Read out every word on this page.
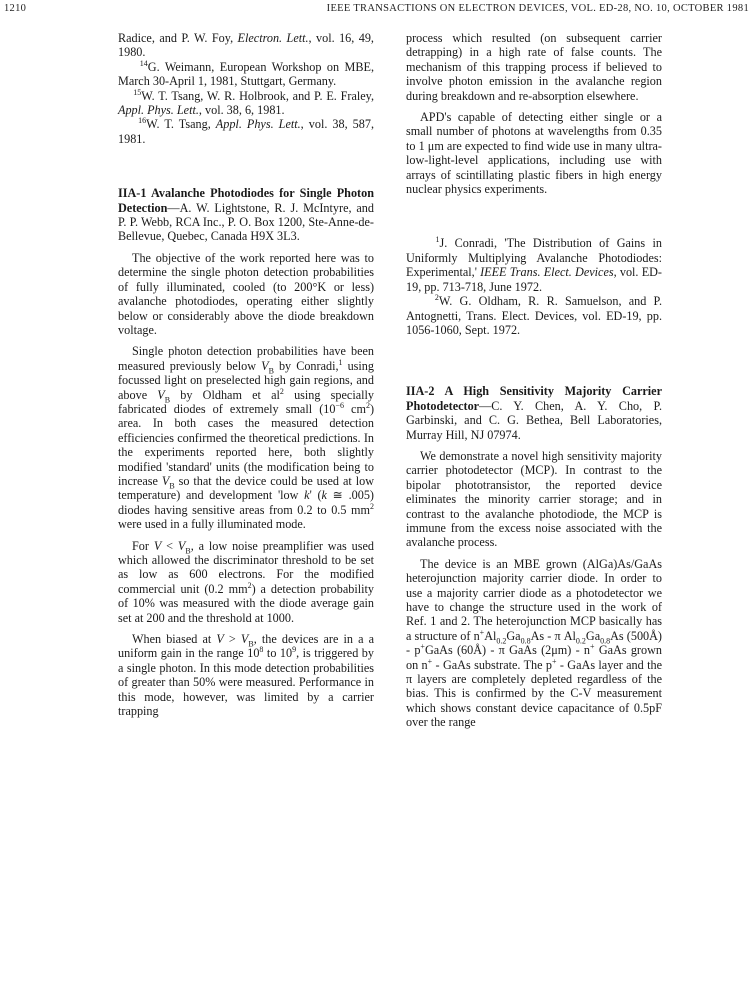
1210	IEEE TRANSACTIONS ON ELECTRON DEVICES, VOL. ED-28, NO. 10, OCTOBER 1981

Radice, and P. W. Foy, Electron. Lett., vol. 16, 49, 1980.

$^{14}$G. Weimann, European Workshop on MBE, March 30-April 1, 1981, Stuttgart, Germany.

$^{15}$W. T. Tsang, W. R. Holbrook, and P. E. Fraley, Appl. Phys. Lett., vol. 38, 6, 1981.

$^{16}$W. T. Tsang, Appl. Phys. Lett., vol. 38, 587, 1981.

IIA-1 Avalanche Photodiodes for Single Photon Detection—A. W. Lightstone, R. J. McIntyre, and P. P. Webb, RCA Inc., P. O. Box 1200, Ste-Anne-de-Bellevue, Quebec, Canada H9X 3L3.

The objective of the work reported here was to determine the single photon detection probabilities of fully illuminated, cooled (to 200°K or less) avalanche photodiodes, operating either slightly below or considerably above the diode breakdown voltage.

Single photon detection probabilities have been measured previously below $V_B$ by Conradi,$^1$ using focussed light on preselected high gain regions, and above $V_B$ by Oldham et $al^2$ using specially fabricated diodes of extremely small ($10^{-6}$ $cm^2$) area. In both cases the measured detection efficiencies confirmed the theoretical predictions. In the experiments reported here, both slightly modified 'standard' units (the modification being to increase $V_B$ so that the device could be used at low temperature) and development 'low k' (k ≅ .005) diodes having sensitive areas from 0.2 to 0.5 $mm^2$ were used in a fully illuminated mode.

For $V < V_B$, a low noise preamplifier was used which allowed the discriminator threshold to be set as low as 600 electrons. For the modified commercial unit (0.2 $mm^2$) a detection probability of 10% was measured with the diode average gain set at 200 and the threshold at 1000.

When biased at $V > V_B$, the devices are in a a uniform gain in the range $10^8$ to $10^9$, is triggered by a single photon. In this mode detection probabilities of greater than 50% were measured. Performance in this mode, however, was limited by a carrier trapping

process which resulted (on subsequent carrier detrapping) in a high rate of false counts. The mechanism of this trapping process if believed to involve photon emission in the avalanche region during breakdown and re-absorption elsewhere.

APD's capable of detecting either single or a small number of photons at wavelengths from 0.35 to 1 μm are expected to find wide use in many ultra-low-light-level applications, including use with arrays of scintillating plastic fibers in high energy nuclear physics experiments.

$^1$J. Conradi, 'The Distribution of Gains in Uniformly Multiplying Avalanche Photodiodes: Experimental,' IEEE Trans. Elect. Devices, vol. ED-19, pp. 713-718, June 1972.

$^2$W. G. Oldham, R. R. Samuelson, and P. Antognetti, Trans. Elect. Devices, vol. ED-19, pp. 1056-1060, Sept. 1972.

IIA-2 A High Sensitivity Majority Carrier Photodetector—C. Y. Chen, A. Y. Cho, P. Garbinski, and C. G. Bethea, Bell Laboratories, Murray Hill, NJ 07974.

We demonstrate a novel high sensitivity majority carrier photodetector (MCP). In contrast to the bipolar phototransistor, the reported device eliminates the minority carrier storage; and in contrast to the avalanche photodiode, the MCP is immune from the excess noise associated with the avalanche process.

The device is an MBE grown (AlGa)As/GaAs heterojunction majority carrier diode. In order to use a majority carrier diode as a photodetector we have to change the structure used in the work of Ref. 1 and 2. The heterojunction MCP basically has a structure of $n^+Al_{0.2}Ga_{0.8}As$ - π $Al_{0.2}Ga_{0.8}As$ (500Å) - p+GaAs (60Å) - π GaAs (2μm) - n+ GaAs grown on n+ - GaAs substrate. The p+ - GaAs layer and the π layers are completely depleted regardless of the bias. This is confirmed by the C-V measurement which shows constant device capacitance of 0.5pF over the range
